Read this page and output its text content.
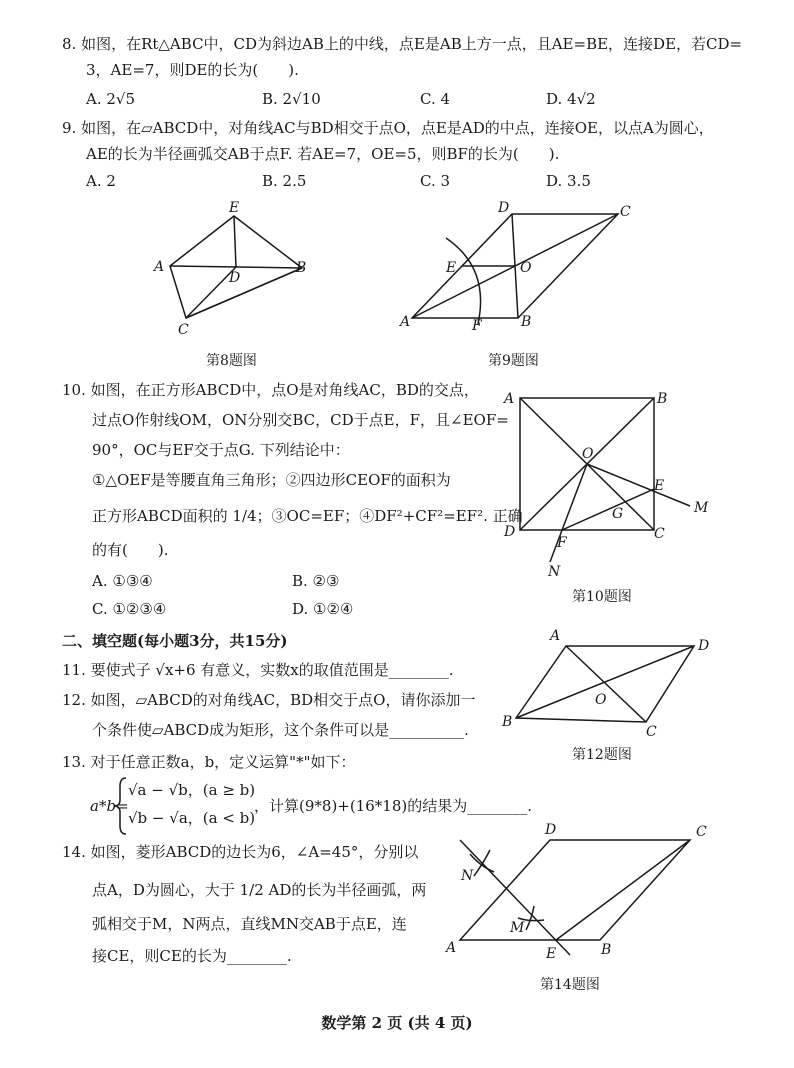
8. 如图，在Rt△ABC中，CD为斜边AB上的中线，点E是AB上方一点，且AE=BE，连接DE，若CD=
3，AE=7，则DE的长为(　　).
A. 2√5	B. 2√10	C. 4	D. 4√2
9. 如图，在▱ABCD中，对角线AC与BD相交于点O，点E是AD的中点，连接OE，以点A为圆心，
AE的长为半径画弧交AB于点F. 若AE=7，OE=5，则BF的长为(　　).
A. 2	B. 2.5	C. 3	D. 3.5
E
A	B
D
C
第8题图
D	C
E	O
A	F	B
第9题图
10. 如图，在正方形ABCD中，点O是对角线AC，BD的交点，
过点O作射线OM，ON分别交BC，CD于点E，F，且∠EOF=
90°，OC与EF交于点G. 下列结论中：
①△OEF是等腰直角三角形；②四边形CEOF的面积为
正方形ABCD面积的 1/4；③OC=EF；④DF²+CF²=EF². 正确
的有(　　).
A. ①③④	B. ②③
C. ①②③④	D. ①②④
A	B
O
E
M
G
D
F
C
N
第10题图
二、填空题(每小题3分，共15分)
11. 要使式子 √x+6 有意义，实数x的取值范围是________.
12. 如图，▱ABCD的对角线AC，BD相交于点O，请你添加一
个条件使▱ABCD成为矩形，这个条件可以是__________.
A
D
O
B
C
第12题图
13. 对于任意正数a，b，定义运算"*"如下：
a*b=
√a − √b，(a ≥ b)
√b − √a，(a < b)
，计算(9*8)+(16*18)的结果为________.
14. 如图，菱形ABCD的边长为6，∠A=45°，分别以
点A，D为圆心，大于 1/2 AD的长为半径画弧，两
弧相交于M，N两点，直线MN交AB于点E，连
接CE，则CE的长为________.
D	C
N
M
A	E	B
第14题图
数学第 2 页 (共 4 页)
